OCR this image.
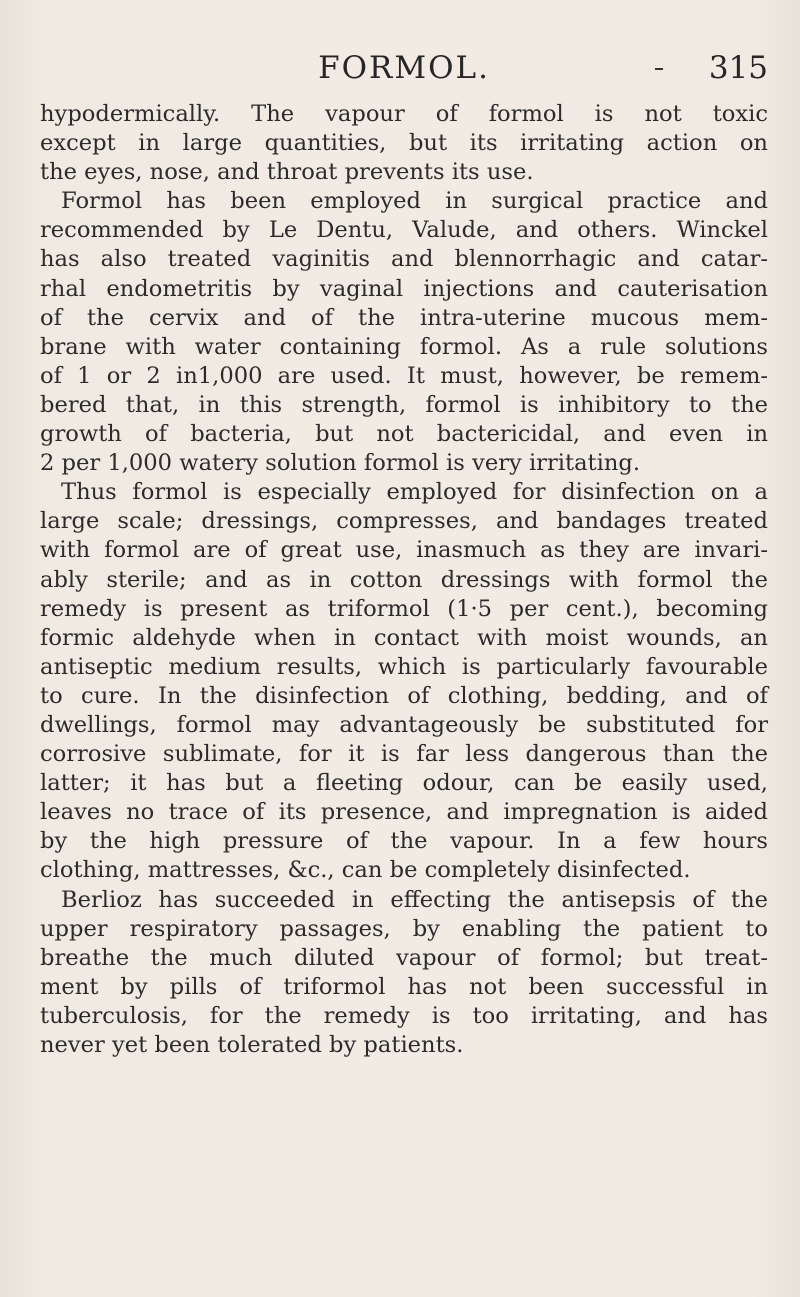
FORMOL.	315
hypodermically. The vapour of formol is not toxic
except in large quantities, but its irritating action on
the eyes, nose, and throat prevents its use.
Formol has been employed in surgical practice and
recommended by Le Dentu, Valude, and others. Winckel
has also treated vaginitis and blennorrhagic and catar-
rhal endometritis by vaginal injections and cauterisation
of the cervix and of the intra-uterine mucous mem-
brane with water containing formol. As a rule solutions
of 1 or 2 in1,000 are used. It must, however, be remem-
bered that, in this strength, formol is inhibitory to the
growth of bacteria, but not bactericidal, and even in
2 per 1,000 watery solution formol is very irritating.
Thus formol is especially employed for disinfection on a
large scale; dressings, compresses, and bandages treated
with formol are of great use, inasmuch as they are invari-
ably sterile; and as in cotton dressings with formol the
remedy is present as triformol (1·5 per cent.), becoming
formic aldehyde when in contact with moist wounds, an
antiseptic medium results, which is particularly favourable
to cure. In the disinfection of clothing, bedding, and of
dwellings, formol may advantageously be substituted for
corrosive sublimate, for it is far less dangerous than the
latter; it has but a fleeting odour, can be easily used,
leaves no trace of its presence, and impregnation is aided
by the high pressure of the vapour. In a few hours
clothing, mattresses, &c., can be completely disinfected.
Berlioz has succeeded in effecting the antisepsis of the
upper respiratory passages, by enabling the patient to
breathe the much diluted vapour of formol; but treat-
ment by pills of triformol has not been successful in
tuberculosis, for the remedy is too irritating, and has
never yet been tolerated by patients.
